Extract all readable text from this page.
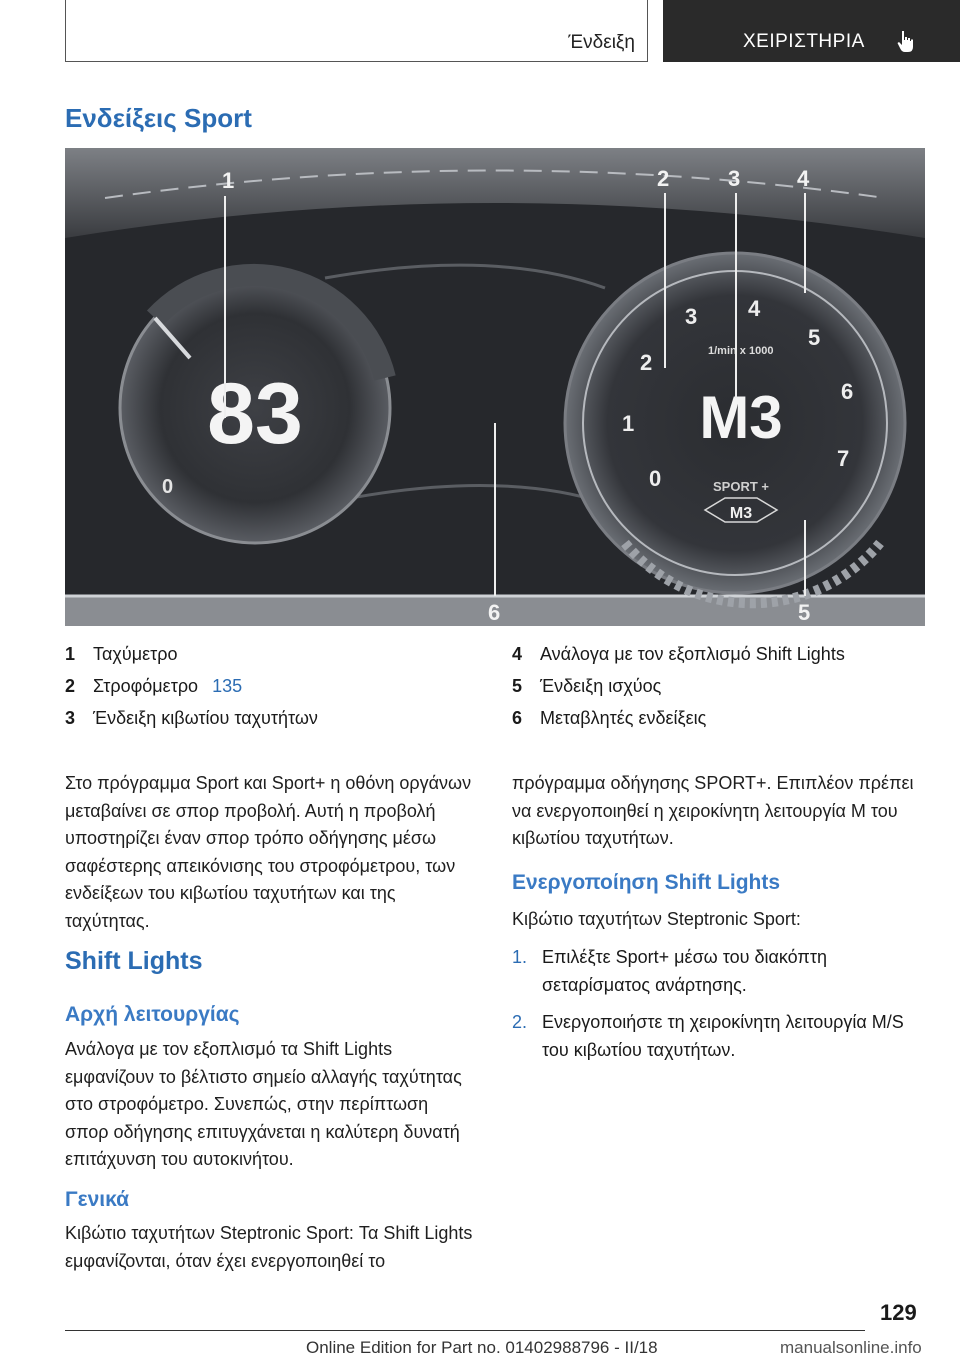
Ένδειξη	ΧΕΙΡΙΣΤΗΡΙΑ
Ενδείξεις Sport
83
0	0
1
2
3 4
5
6
7
1/min x 1000
M3
SPORT +
M3
1	2	3	4
6	5
1 Ταχύμετρο
2 Στροφόμετρο 135
3 Ένδειξη κιβωτίου ταχυτήτων
4 Ανάλογα με τον εξοπλισμό Shift Lights
5 Ένδειξη ισχύος
6 Μεταβλητές ενδείξεις
Στο πρόγραμμα Sport και Sport+ η οθόνη οργάνων μεταβαίνει σε σπορ προβολή. Αυτή η προβολή υποστηρίζει έναν σπορ τρόπο οδήγησης μέσω σαφέστερης απεικόνισης του στροφόμετρου, των ενδείξεων του κιβωτίου ταχυτήτων και της ταχύτητας.
Shift Lights
Αρχή λειτουργίας
Ανάλογα με τον εξοπλισμό τα Shift Lights εμφανίζουν το βέλτιστο σημείο αλλαγής ταχύτητας στο στροφόμετρο. Συνεπώς, στην περίπτωση σπορ οδήγησης επιτυγχάνεται η καλύτερη δυνατή επιτάχυνση του αυτοκινήτου.
Γενικά
Κιβώτιο ταχυτήτων Steptronic Sport: Τα Shift Lights εμφανίζονται, όταν έχει ενεργοποιηθεί το
πρόγραμμα οδήγησης SPORT+. Επιπλέον πρέπει να ενεργοποιηθεί η χειροκίνητη λειτουργία M του κιβωτίου ταχυτήτων.
Ενεργοποίηση Shift Lights
Κιβώτιο ταχυτήτων Steptronic Sport:
1. Επιλέξτε Sport+ μέσω του διακόπτη σεταρίσματος ανάρτησης.
2. Ενεργοποιήστε τη χειροκίνητη λειτουργία M/S του κιβωτίου ταχυτήτων.
129
Online Edition for Part no. 01402988796 - II/18	manualsonline.info
